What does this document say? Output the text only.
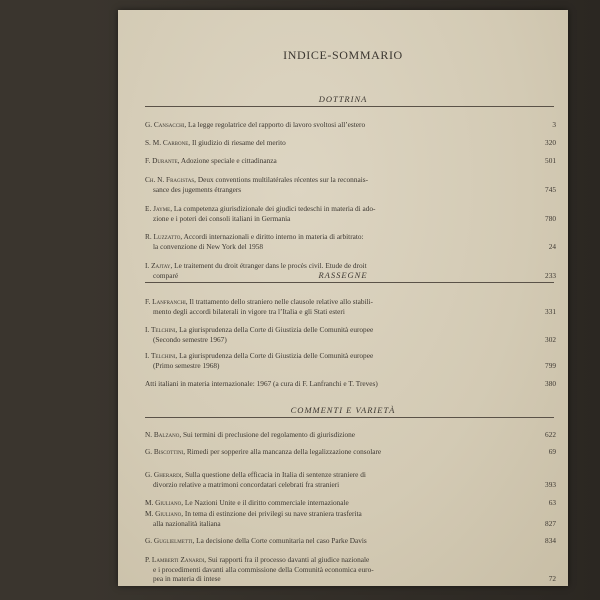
INDICE-SOMMARIO
DOTTRINA
G. Cansacchi, La legge regolatrice del rapporto di lavoro svoltosi all’estero	3
S. M. Carbone, Il giudizio di riesame del merito	320
F. Durante, Adozione speciale e cittadinanza	501
Ch. N. Fragistas, Deux conventions multilatérales récentes sur la reconnais-
sance des jugements étrangers	745
E. Jayme, La competenza giurisdizionale dei giudici tedeschi in materia di ado-
zione e i poteri dei consoli italiani in Germania	780
R. Luzzatto, Accordi internazionali e diritto interno in materia di arbitrato:
la convenzione di New York del 1958	24
I. Zajtay, Le traitement du droit étranger dans le procès civil. Etude de droit
comparé	233
RASSEGNE
F. Lanfranchi, Il trattamento dello straniero nelle clausole relative allo stabili-
mento degli accordi bilaterali in vigore tra l’Italia e gli Stati esteri	331
I. Telchini, La giurisprudenza della Corte di Giustizia delle Comunità europee
(Secondo semestre 1967)	302
I. Telchini, La giurisprudenza della Corte di Giustizia delle Comunità europee
(Primo semestre 1968)	799
Atti italiani in materia internazionale: 1967 (a cura di F. Lanfranchi e T. Treves)	380
COMMENTI E VARIETÀ
N. Balzano, Sui termini di preclusione del regolamento di giurisdizione	622
G. Biscottini, Rimedi per sopperire alla mancanza della legalizzazione consolare	69
G. Gherardi, Sulla questione della efficacia in Italia di sentenze straniere di
divorzio relative a matrimoni concordatari celebrati fra stranieri	393
M. Giuliano, Le Nazioni Unite e il diritto commerciale internazionale	63
M. Giuliano, In tema di estinzione dei privilegi su nave straniera trasferita
alla nazionalità italiana	827
G. Guglielmetti, La decisione della Corte comunitaria nel caso Parke Davis	834
P. Lamberti Zanardi, Sui rapporti fra il processo davanti al giudice nazionale
e i procedimenti davanti alla commissione della Comunità economica euro-
pea in materia di intese	72
